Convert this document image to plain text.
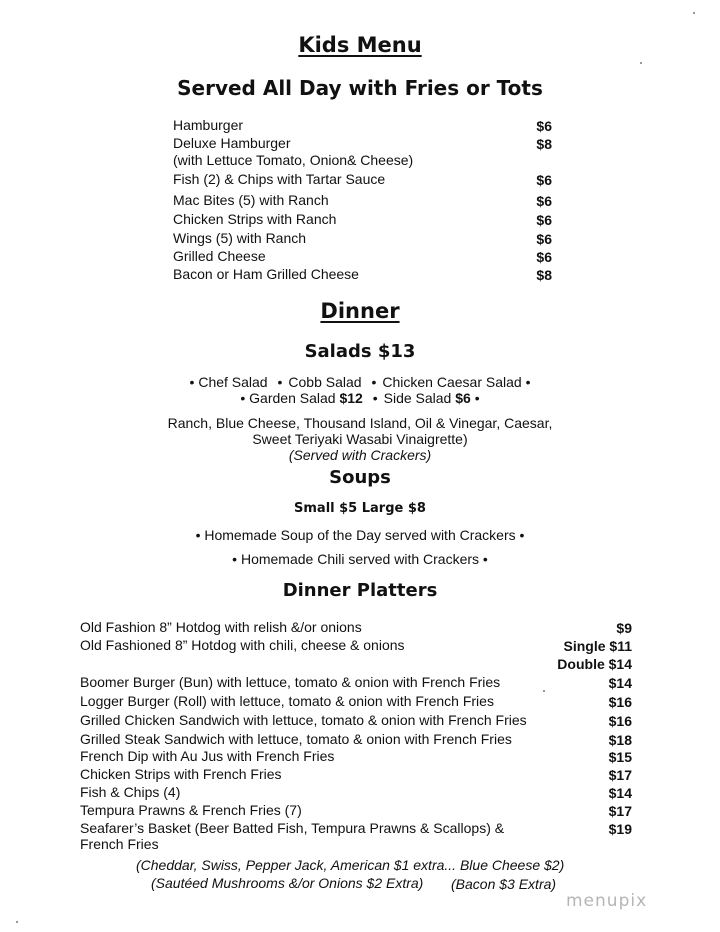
Kids Menu
Served All Day with Fries or Tots
Hamburger	$6
Deluxe Hamburger	$8
(with Lettuce Tomato, Onion& Cheese)
Fish (2) & Chips with Tartar Sauce	$6
Mac Bites (5) with Ranch	$6
Chicken Strips with Ranch	$6
Wings (5) with Ranch	$6
Grilled Cheese	$6
Bacon or Ham Grilled Cheese	$8
Dinner
Salads $13
• Chef Salad • Cobb Salad • Chicken Caesar Salad •
• Garden Salad $12 • Side Salad $6 •
Ranch, Blue Cheese, Thousand Island, Oil & Vinegar, Caesar,
Sweet Teriyaki Wasabi Vinaigrette)
(Served with Crackers)
Soups
Small $5 Large $8
• Homemade Soup of the Day served with Crackers •
• Homemade Chili served with Crackers •
Dinner Platters
Old Fashion 8” Hotdog with relish &/or onions	$9
Old Fashioned 8” Hotdog with chili, cheese & onions	Single $11
Double $14
Boomer Burger (Bun) with lettuce, tomato & onion with French Fries	$14
Logger Burger (Roll) with lettuce, tomato & onion with French Fries	$16
Grilled Chicken Sandwich with lettuce, tomato & onion with French Fries	$16
Grilled Steak Sandwich with lettuce, tomato & onion with French Fries	$18
French Dip with Au Jus with French Fries	$15
Chicken Strips with French Fries	$17
Fish & Chips (4)	$14
Tempura Prawns & French Fries (7)	$17
Seafarer’s Basket (Beer Batted Fish, Tempura Prawns & Scallops) &	$19
French Fries
(Cheddar, Swiss, Pepper Jack, American $1 extra... Blue Cheese $2)
(Sautéed Mushrooms &/or Onions $2 Extra) (Bacon $3 Extra)
menupix
